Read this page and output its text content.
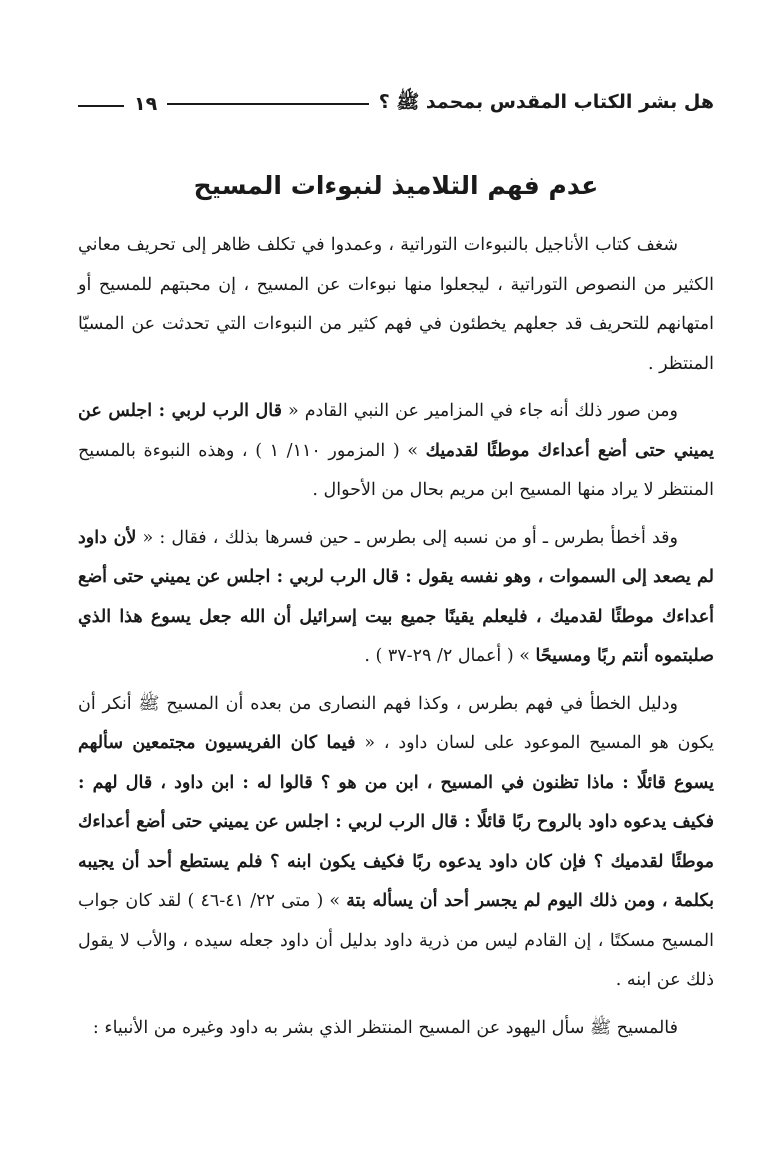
هل بشر الكتاب المقدس بمحمد ﷺ ؟
١٩
عدم فهم التلاميذ لنبوءات المسيح

شغف كتاب الأناجيل بالنبوءات التوراتية ، وعمدوا في تكلف ظاهر إلى تحريف معاني الكثير من النصوص التوراتية ، ليجعلوا منها نبوءات عن المسيح ، إن محبتهم للمسيح أو امتهانهم للتحريف قد جعلهم يخطئون في فهم كثير من النبوءات التي تحدثت عن المسيّا المنتظر .

ومن صور ذلك أنه جاء في المزامير عن النبي القادم « قال الرب لربي : اجلس عن يميني حتى أضع أعداءك موطئًا لقدميك » ( المزمور ١١٠/ ١ ) ، وهذه النبوءة بالمسيح المنتظر لا يراد منها المسيح ابن مريم بحال من الأحوال .

وقد أخطأ بطرس ـ أو من نسبه إلى بطرس ـ حين فسرها بذلك ، فقال : « لأن داود لم يصعد إلى السموات ، وهو نفسه يقول : قال الرب لربي : اجلس عن يميني حتى أضع أعداءك موطئًا لقدميك ، فليعلم يقينًا جميع بيت إسرائيل أن الله جعل يسوع هذا الذي صلبتموه أنتم ربًا ومسيحًا » ( أعمال ٢/ ٢٩-٣٧ ) .

ودليل الخطأ في فهم بطرس ، وكذا فهم النصارى من بعده أن المسيح ﷺ أنكر أن يكون هو المسيح الموعود على لسان داود ، « فيما كان الفريسيون مجتمعين سألهم يسوع قائلًا : ماذا تظنون في المسيح ، ابن من هو ؟ قالوا له : ابن داود ، قال لهم : فكيف يدعوه داود بالروح ربًا قائلًا : قال الرب لربي : اجلس عن يميني حتى أضع أعداءك موطئًا لقدميك ؟ فإن كان داود يدعوه ربًا فكيف يكون ابنه ؟ فلم يستطع أحد أن يجيبه بكلمة ، ومن ذلك اليوم لم يجسر أحد أن يسأله بتة » ( متى ٢٢/ ٤١-٤٦ ) لقد كان جواب المسيح مسكتًا ، إن القادم ليس من ذرية داود بدليل أن داود جعله سيده ، والأب لا يقول ذلك عن ابنه .

فالمسيح ﷺ سأل اليهود عن المسيح المنتظر الذي بشر به داود وغيره من الأنبياء :
